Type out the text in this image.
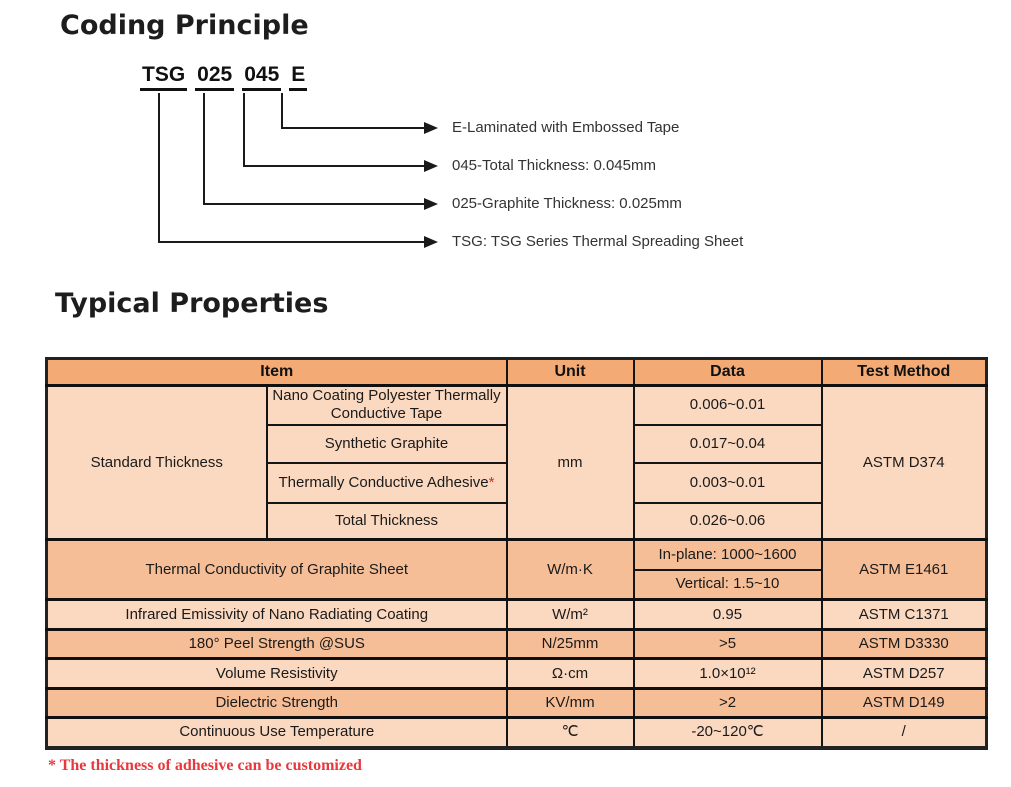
Coding Principle
TSG 025 045 E
E-Laminated with Embossed Tape
045-Total Thickness: 0.045mm
025-Graphite Thickness: 0.025mm
TSG: TSG Series Thermal Spreading Sheet
Typical Properties
Item		Unit	Data	Test Method
Standard Thickness	Nano Coating Polyester Thermally Conductive Tape	mm	0.006~0.01	ASTM D374
	Synthetic Graphite		0.017~0.04	
	Thermally Conductive Adhesive*		0.003~0.01	
	Total Thickness		0.026~0.06	
Thermal Conductivity of Graphite Sheet		W/m·K	In-plane: 1000~1600	ASTM E1461
			Vertical: 1.5~10	
Infrared Emissivity of Nano Radiating Coating		W/m²	0.95	ASTM C1371
180° Peel Strength @SUS		N/25mm	>5	ASTM D3330
Volume Resistivity		Ω·cm	1.0×10¹²	ASTM D257
Dielectric Strength		KV/mm	>2	ASTM D149
Continuous Use Temperature		℃	-20~120℃	/
* The thickness of adhesive can be customized
